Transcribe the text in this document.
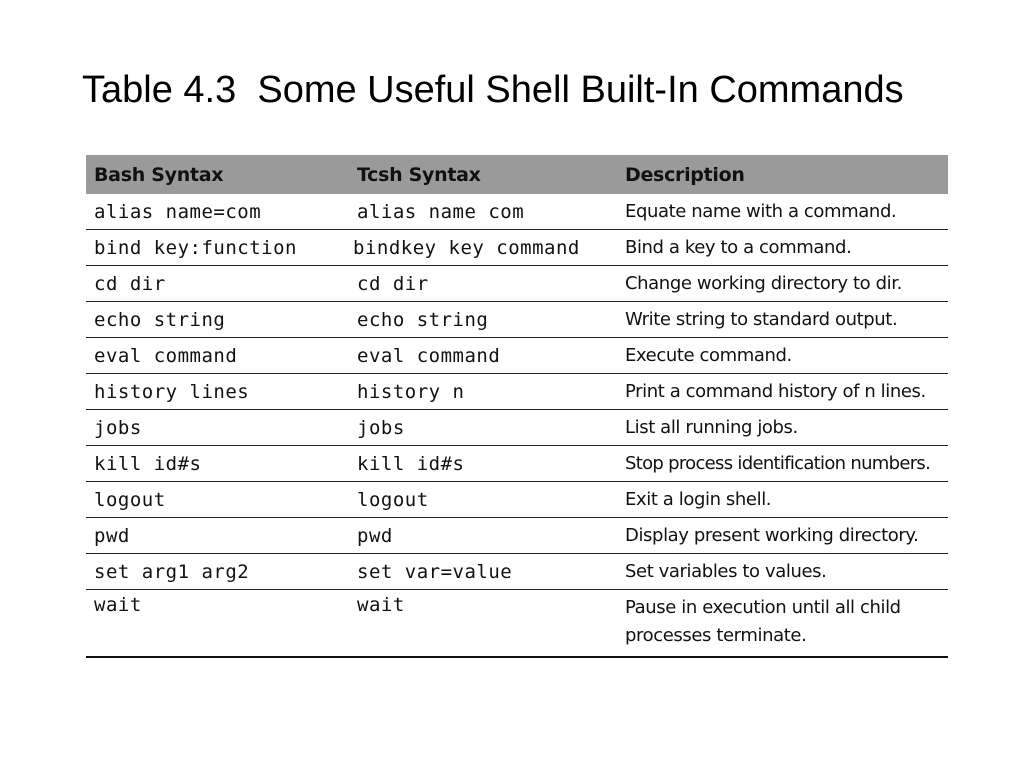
Table 4.3  Some Useful Shell Built-In Commands
Bash Syntax	Tcsh Syntax	Description
alias name=com	alias name com	Equate name with a command.
bind key:function	bindkey key command	Bind a key to a command.
cd dir	cd dir	Change working directory to dir.
echo string	echo string	Write string to standard output.
eval command	eval command	Execute command.
history lines	history n	Print a command history of n lines.
jobs	jobs	List all running jobs.
kill id#s	kill id#s	Stop process identification numbers.
logout	logout	Exit a login shell.
pwd	pwd	Display present working directory.
set arg1 arg2	set var=value	Set variables to values.
wait	wait	Pause in execution until all child processes terminate.
